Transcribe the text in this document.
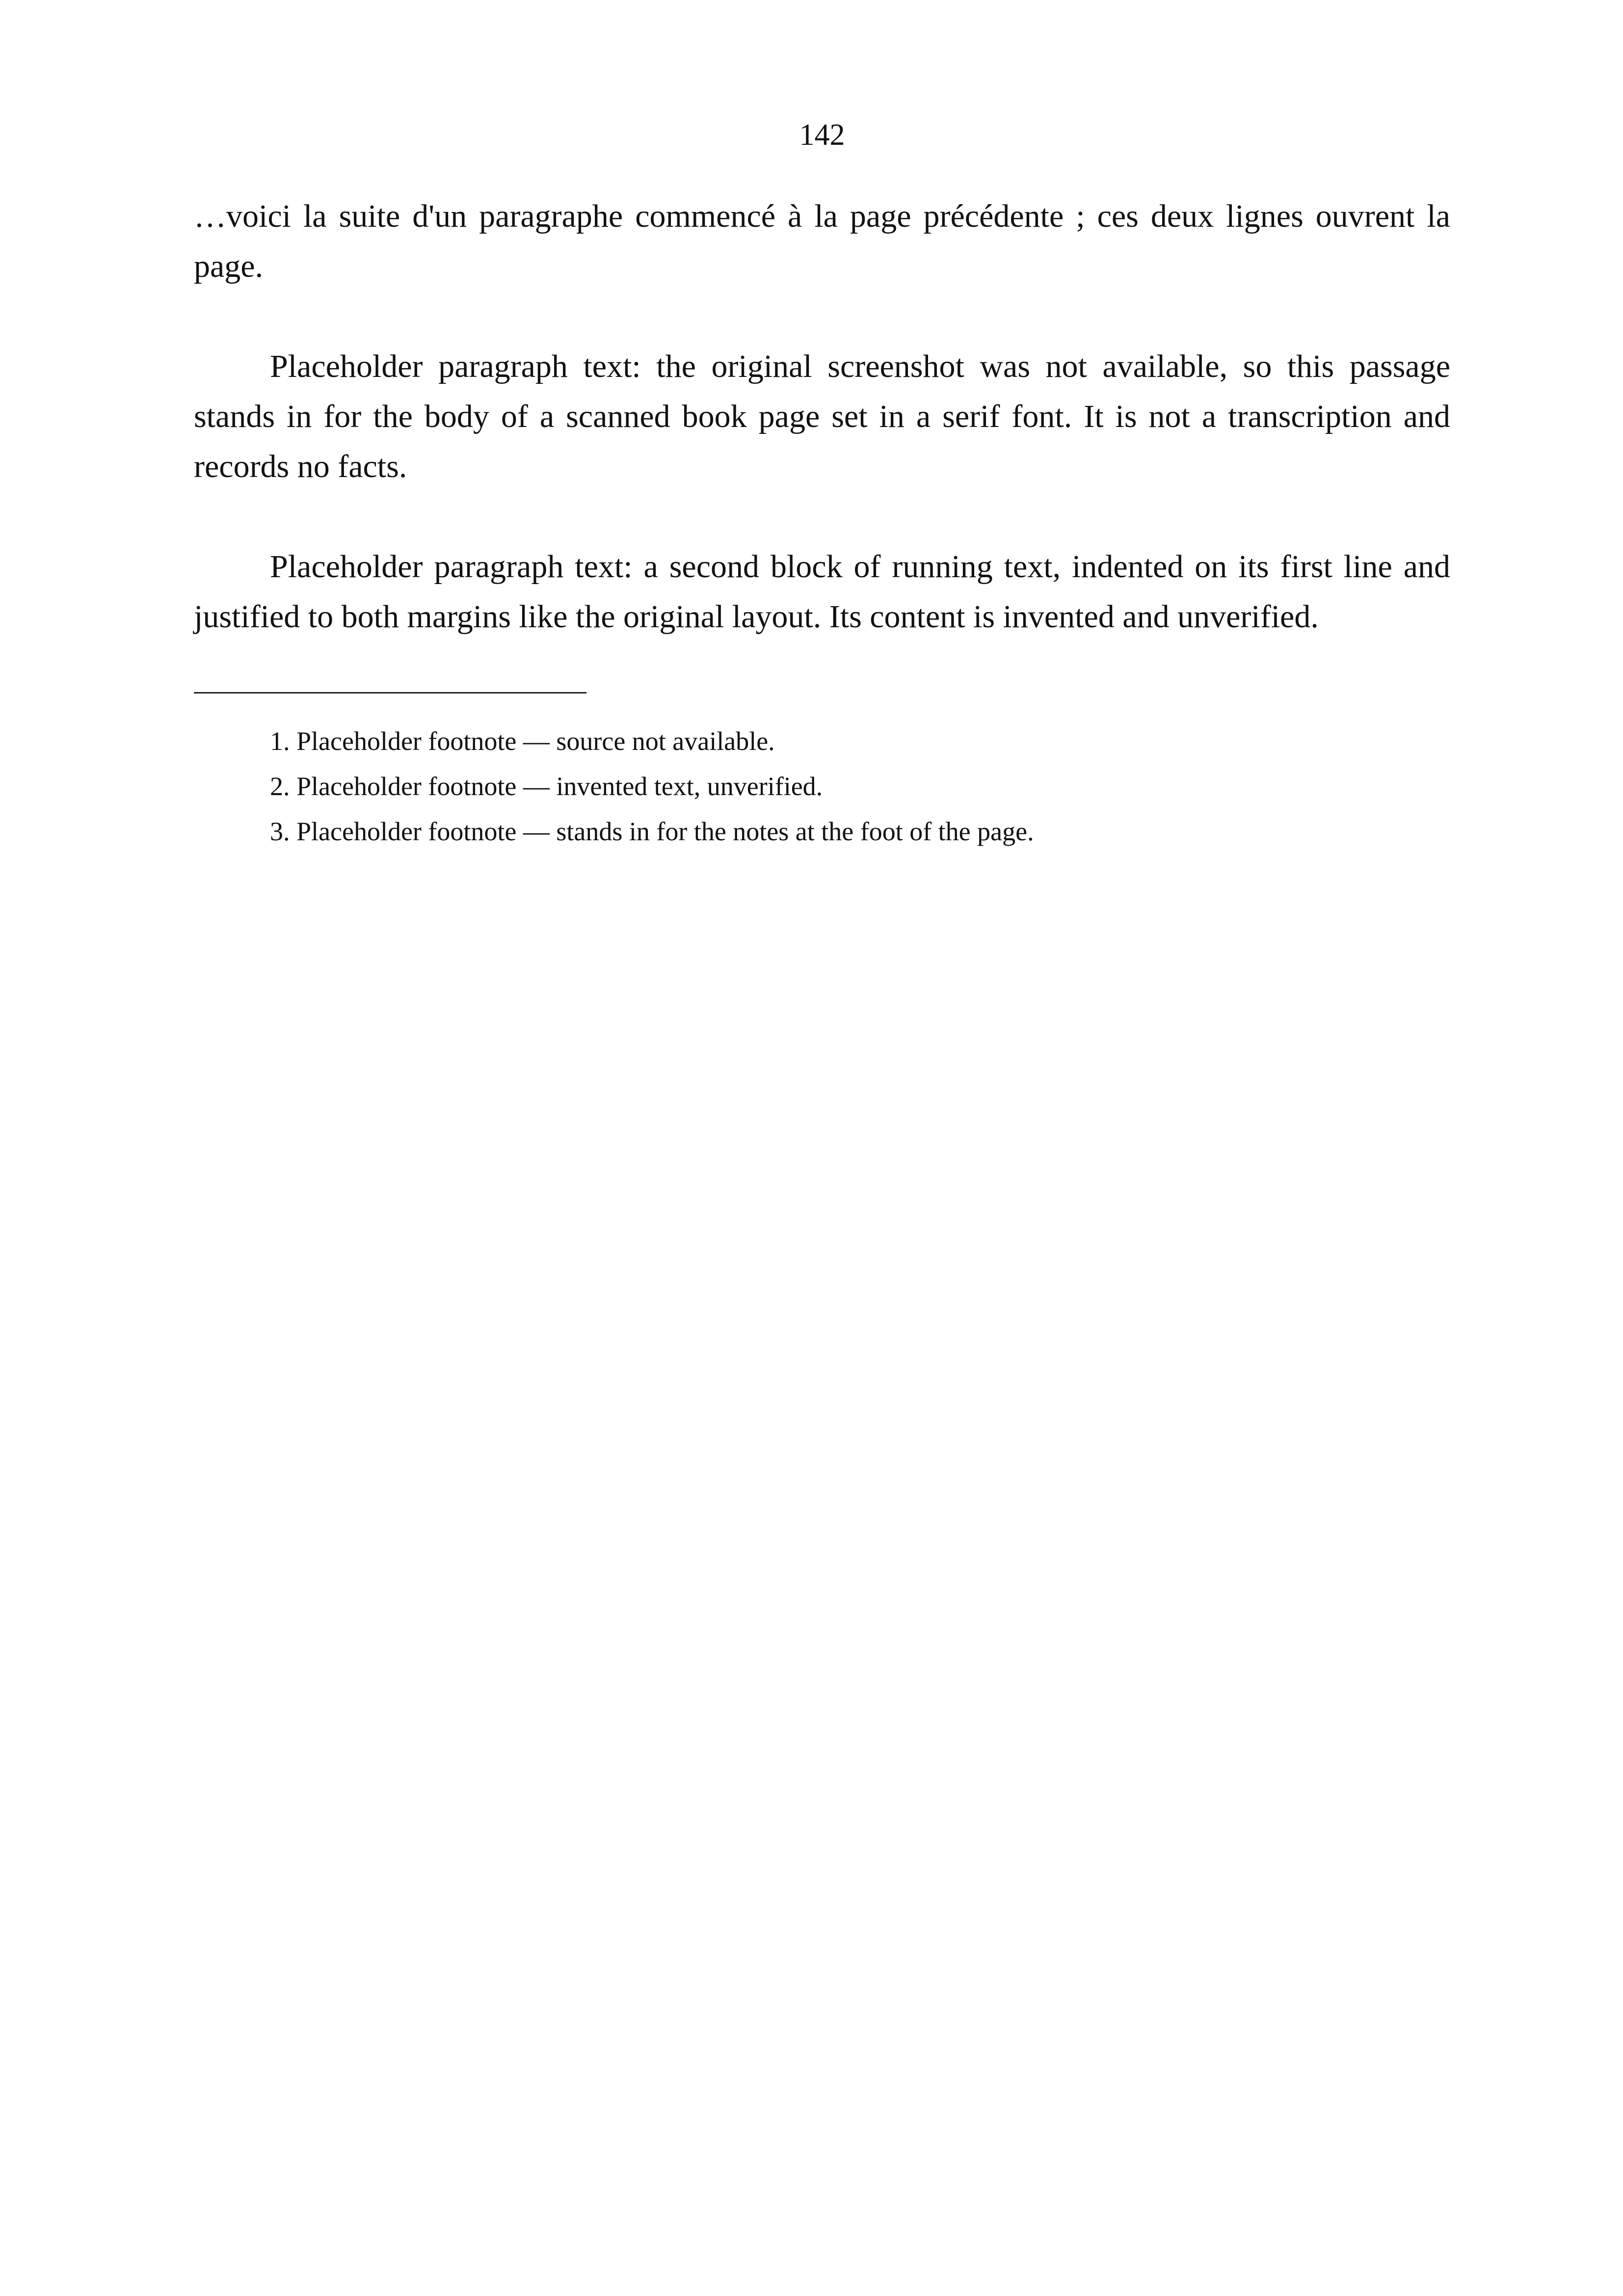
142

…voici la suite d'un paragraphe commencé à la page précédente ; ces deux lignes ouvrent la page.

Placeholder paragraph text: the original screenshot was not available, so this passage stands in for the body of a scanned book page set in a serif font. It is not a transcription and records no facts.

Placeholder paragraph text: a second block of running text, indented on its first line and justified to both margins like the original layout. Its content is invented and unverified.

1. Placeholder footnote — source not available.

2. Placeholder footnote — invented text, unverified.

3. Placeholder footnote — stands in for the notes at the foot of the page.
